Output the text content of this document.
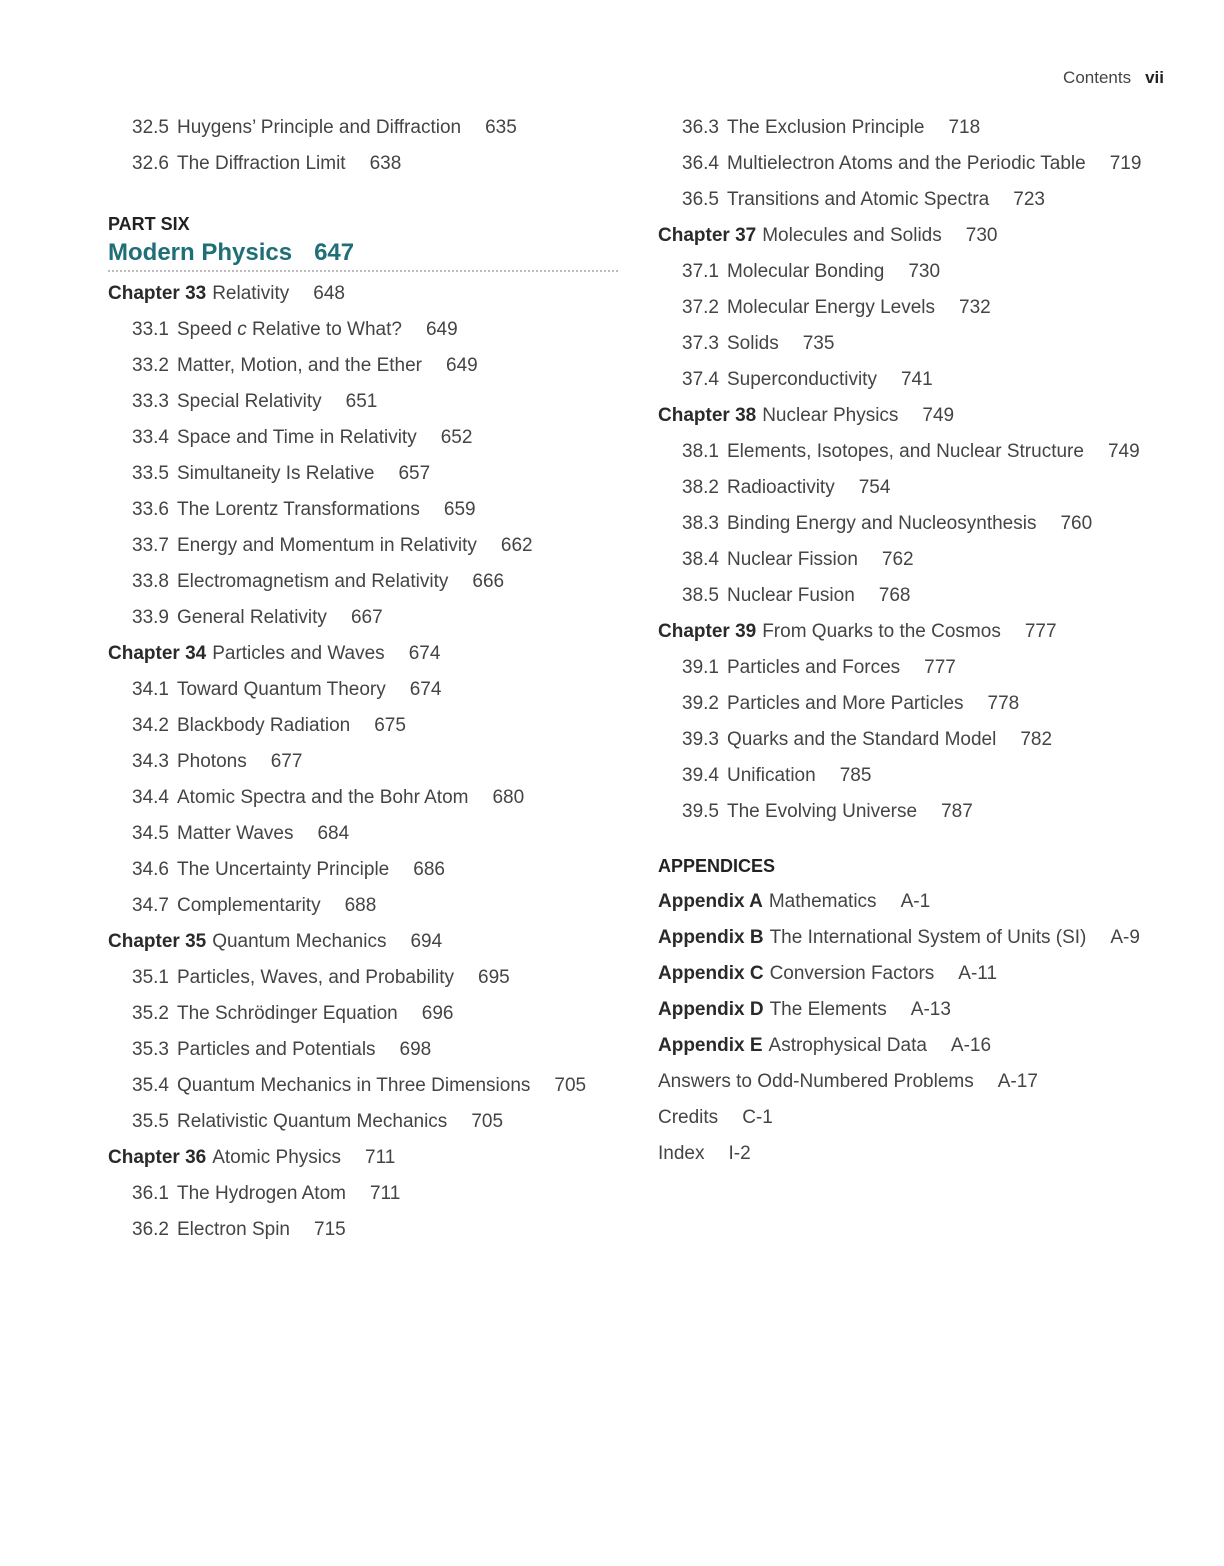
Contents vii
32.5 Huygens’ Principle and Diffraction 635
32.6 The Diffraction Limit 638
PART SIX
Modern Physics 647
Chapter 33 Relativity 648
33.1 Speed c Relative to What? 649
33.2 Matter, Motion, and the Ether 649
33.3 Special Relativity 651
33.4 Space and Time in Relativity 652
33.5 Simultaneity Is Relative 657
33.6 The Lorentz Transformations 659
33.7 Energy and Momentum in Relativity 662
33.8 Electromagnetism and Relativity 666
33.9 General Relativity 667
Chapter 34 Particles and Waves 674
34.1 Toward Quantum Theory 674
34.2 Blackbody Radiation 675
34.3 Photons 677
34.4 Atomic Spectra and the Bohr Atom 680
34.5 Matter Waves 684
34.6 The Uncertainty Principle 686
34.7 Complementarity 688
Chapter 35 Quantum Mechanics 694
35.1 Particles, Waves, and Probability 695
35.2 The Schrödinger Equation 696
35.3 Particles and Potentials 698
35.4 Quantum Mechanics in Three Dimensions 705
35.5 Relativistic Quantum Mechanics 705
Chapter 36 Atomic Physics 711
36.1 The Hydrogen Atom 711
36.2 Electron Spin 715
36.3 The Exclusion Principle 718
36.4 Multielectron Atoms and the Periodic Table 719
36.5 Transitions and Atomic Spectra 723
Chapter 37 Molecules and Solids 730
37.1 Molecular Bonding 730
37.2 Molecular Energy Levels 732
37.3 Solids 735
37.4 Superconductivity 741
Chapter 38 Nuclear Physics 749
38.1 Elements, Isotopes, and Nuclear Structure 749
38.2 Radioactivity 754
38.3 Binding Energy and Nucleosynthesis 760
38.4 Nuclear Fission 762
38.5 Nuclear Fusion 768
Chapter 39 From Quarks to the Cosmos 777
39.1 Particles and Forces 777
39.2 Particles and More Particles 778
39.3 Quarks and the Standard Model 782
39.4 Unification 785
39.5 The Evolving Universe 787
APPENDICES
Appendix A Mathematics A-1
Appendix B The International System of Units (SI) A-9
Appendix C Conversion Factors A-11
Appendix D The Elements A-13
Appendix E Astrophysical Data A-16
Answers to Odd-Numbered Problems A-17
Credits C-1
Index I-2
